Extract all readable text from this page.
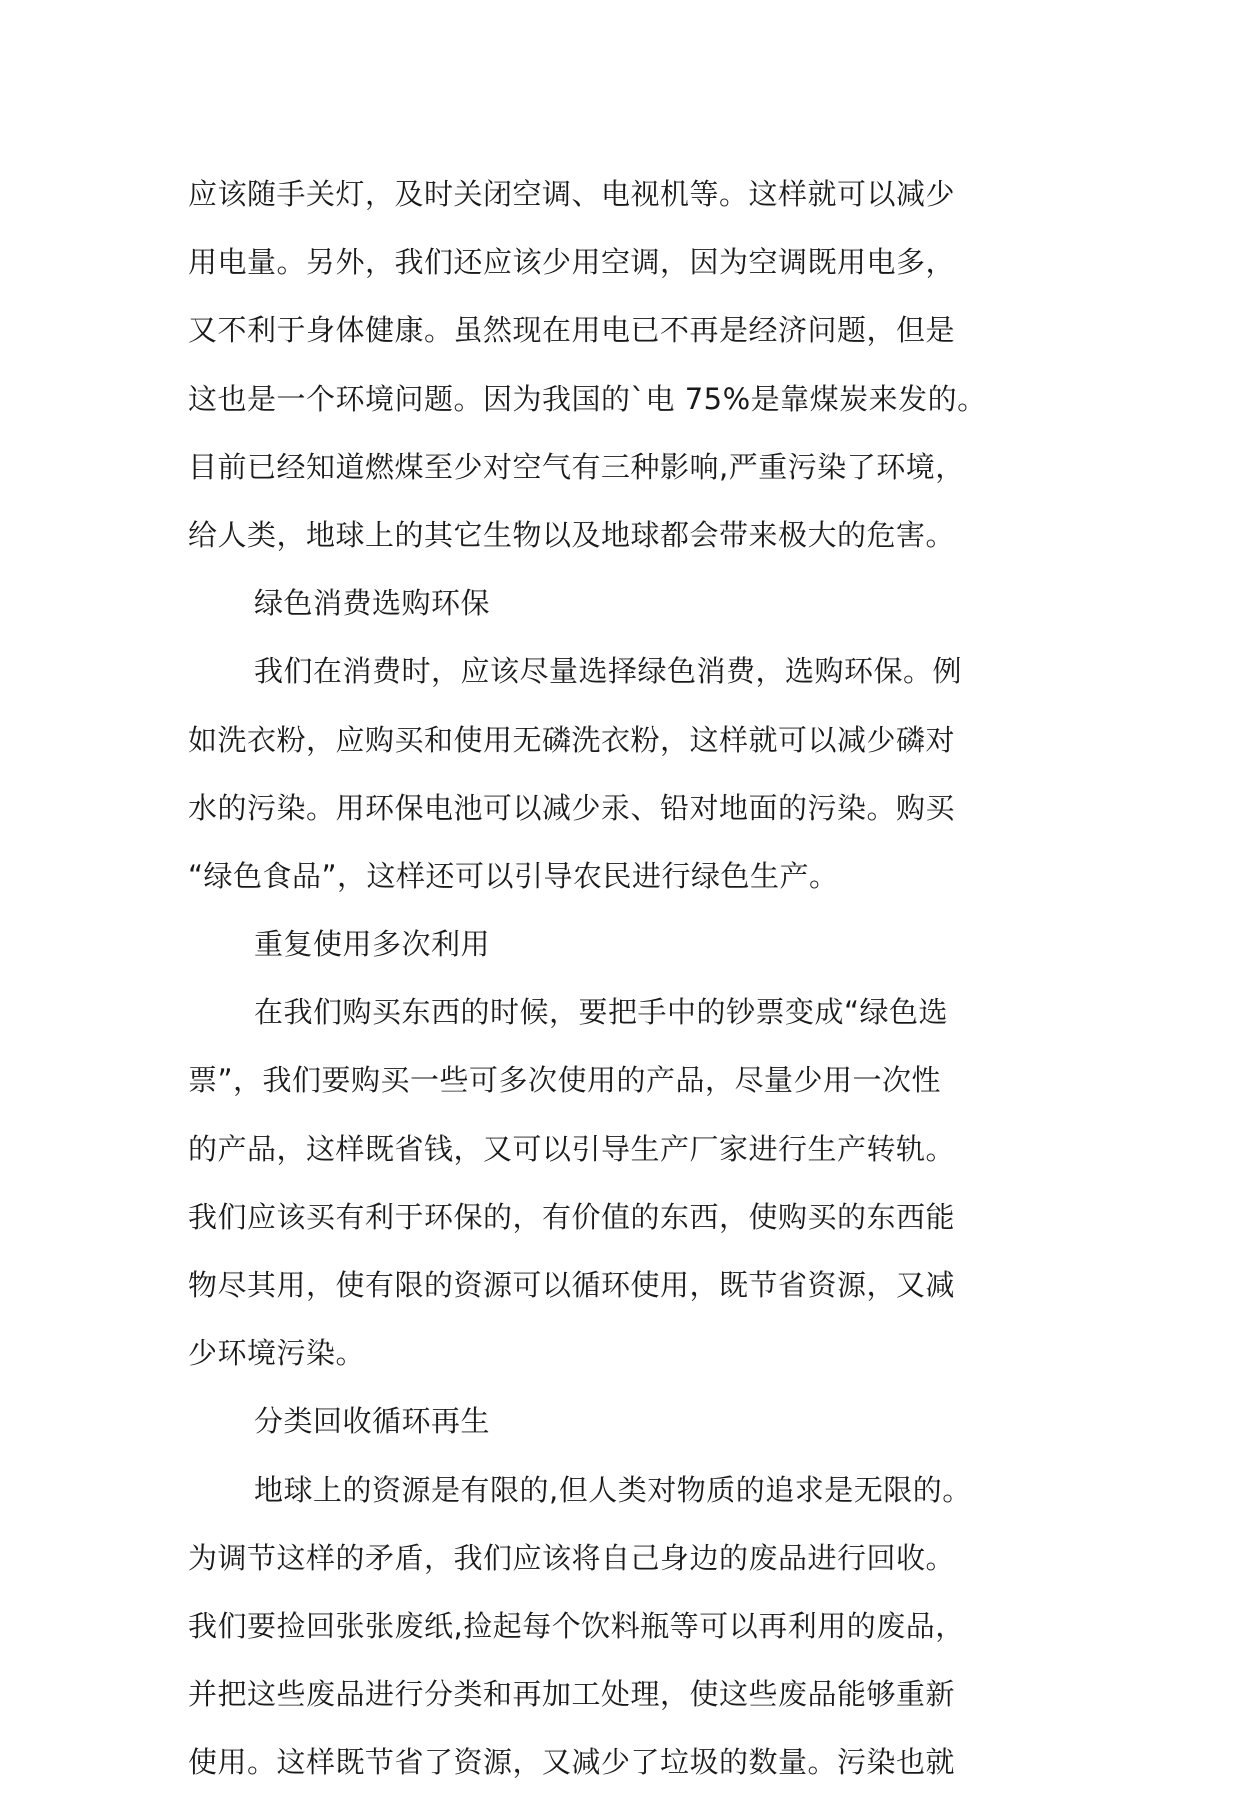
应该随手关灯，及时关闭空调、电视机等。这样就可以减少
用电量。另外，我们还应该少用空调，因为空调既用电多，
又不利于身体健康。虽然现在用电已不再是经济问题，但是
这也是一个环境问题。因为我国的`电 75%是靠煤炭来发的。
目前已经知道燃煤至少对空气有三种影响,严重污染了环境，
给人类，地球上的其它生物以及地球都会带来极大的危害。
绿色消费选购环保
我们在消费时，应该尽量选择绿色消费，选购环保。例
如洗衣粉，应购买和使用无磷洗衣粉，这样就可以减少磷对
水的污染。用环保电池可以减少汞、铅对地面的污染。购买
“绿色食品”，这样还可以引导农民进行绿色生产。
重复使用多次利用
在我们购买东西的时候，要把手中的钞票变成“绿色选
票”，我们要购买一些可多次使用的产品，尽量少用一次性
的产品，这样既省钱，又可以引导生产厂家进行生产转轨。
我们应该买有利于环保的，有价值的东西，使购买的东西能
物尽其用，使有限的资源可以循环使用，既节省资源，又减
少环境污染。
分类回收循环再生
地球上的资源是有限的,但人类对物质的追求是无限的。
为调节这样的矛盾，我们应该将自己身边的废品进行回收。
我们要捡回张张废纸,捡起每个饮料瓶等可以再利用的废品，
并把这些废品进行分类和再加工处理，使这些废品能够重新
使用。这样既节省了资源，又减少了垃圾的数量。污染也就
